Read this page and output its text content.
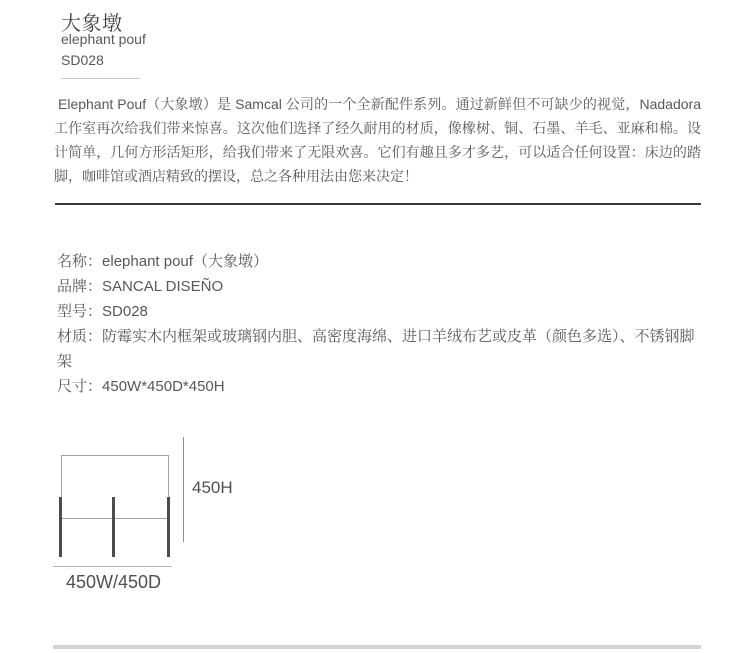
大象墩
elephant pouf
SD028

Elephant Pouf（大象墩）是 Samcal 公司的一个全新配件系列。通过新鲜但不可缺少的视觉，Nadadora 工作室再次给我们带来惊喜。这次他们选择了经久耐用的材质，像橡树、铜、石墨、羊毛、亚麻和棉。设计简单，几何方形活矩形，给我们带来了无限欢喜。它们有趣且多才多艺，可以适合任何设置：床边的踏脚，咖啡馆或酒店精致的摆设，总之各种用法由您来决定！

名称：elephant pouf（大象墩）
品牌：SANCAL DISEÑO
型号：SD028
材质：防霉实木内框架或玻璃钢内胆、高密度海绵、进口羊绒布艺或皮革（颜色多选）、不锈钢脚架
尺寸：450W*450D*450H
450H
450W/450D
